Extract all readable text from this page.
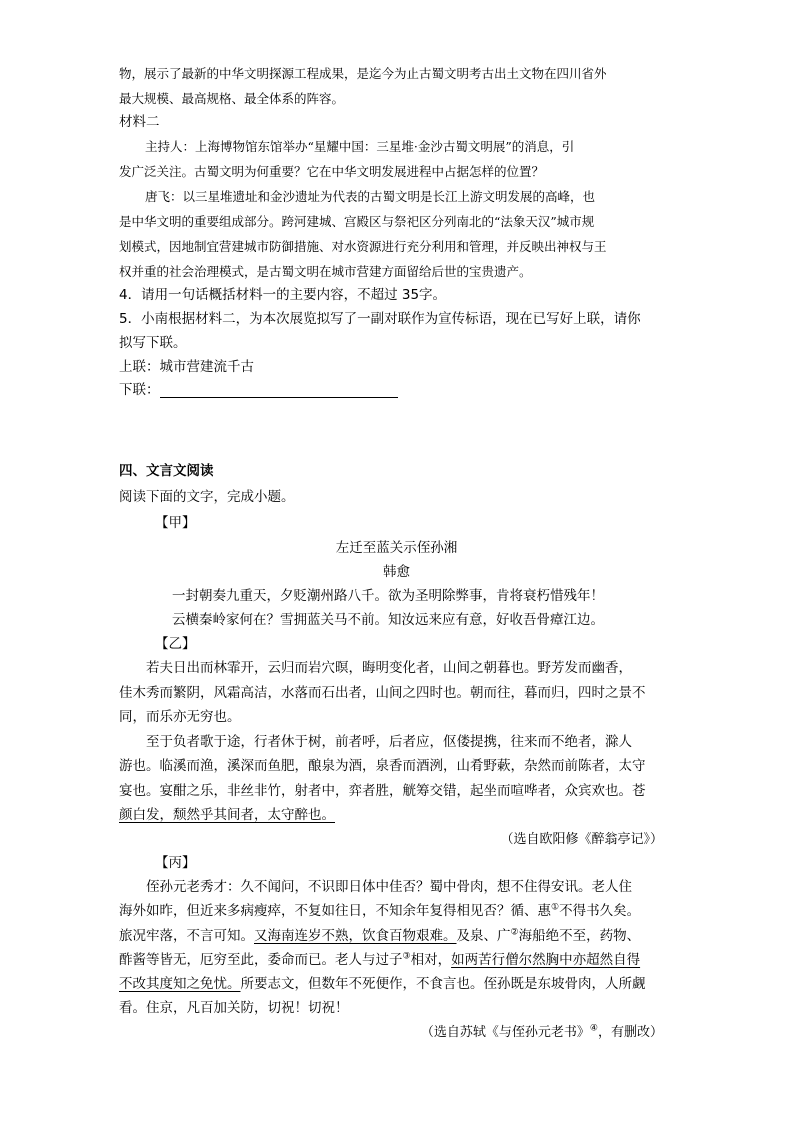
物，展示了最新的中华文明探源工程成果，是迄今为止古蜀文明考古出土文物在四川省外
最大规模、最高规格、最全体系的阵容。
材料二
主持人：上海博物馆东馆举办“星耀中国：三星堆·金沙古蜀文明展”的消息，引
发广泛关注。古蜀文明为何重要？它在中华文明发展进程中占据怎样的位置？
唐飞：以三星堆遗址和金沙遗址为代表的古蜀文明是长江上游文明发展的高峰，也
是中华文明的重要组成部分。跨河建城、宫殿区与祭祀区分列南北的“法象天汉”城市规
划模式，因地制宜营建城市防御措施、对水资源进行充分利用和管理，并反映出神权与王
权并重的社会治理模式，是古蜀文明在城市营建方面留给后世的宝贵遗产。
4．请用一句话概括材料一的主要内容，不超过 35字。
5．小南根据材料二，为本次展览拟写了一副对联作为宣传标语，现在已写好上联，请你
拟写下联。
上联：城市营建流千古
下联：
四、文言文阅读
阅读下面的文字，完成小题。
【甲】
左迁至蓝关示侄孙湘
韩愈
一封朝奏九重天，夕贬潮州路八千。欲为圣明除弊事，肯将衰朽惜残年！
云横秦岭家何在？雪拥蓝关马不前。知汝远来应有意，好收吾骨瘴江边。
【乙】
若夫日出而林霏开，云归而岩穴暝，晦明变化者，山间之朝暮也。野芳发而幽香，
佳木秀而繁阴，风霜高洁，水落而石出者，山间之四时也。朝而往，暮而归，四时之景不
同，而乐亦无穷也。
至于负者歌于途，行者休于树，前者呼，后者应，伛偻提携，往来而不绝者，滁人
游也。临溪而渔，溪深而鱼肥，酿泉为酒，泉香而酒洌，山肴野蔌，杂然而前陈者，太守
宴也。宴酣之乐，非丝非竹，射者中，弈者胜，觥筹交错，起坐而喧哗者，众宾欢也。苍
颜白发，颓然乎其间者，太守醉也。
（选自欧阳修《醉翁亭记》）
【丙】
侄孙元老秀才：久不闻问，不识即日体中佳否？蜀中骨肉，想不住得安讯。老人住
海外如昨，但近来多病瘦瘁，不复如往日，不知余年复得相见否？循、惠①不得书久矣。
旅况牢落，不言可知。又海南连岁不熟，饮食百物艰难。及泉、广②海船绝不至，药物、
酢酱等皆无，厄穷至此，委命而已。老人与过子③相对，如两苦行僧尔然胸中亦超然自得
不改其度知之免忧。所要志文，但数年不死便作，不食言也。侄孙既是东坡骨肉，人所觑
看。住京，凡百加关防，切祝！切祝！
（选自苏轼《与侄孙元老书》④，有删改）
